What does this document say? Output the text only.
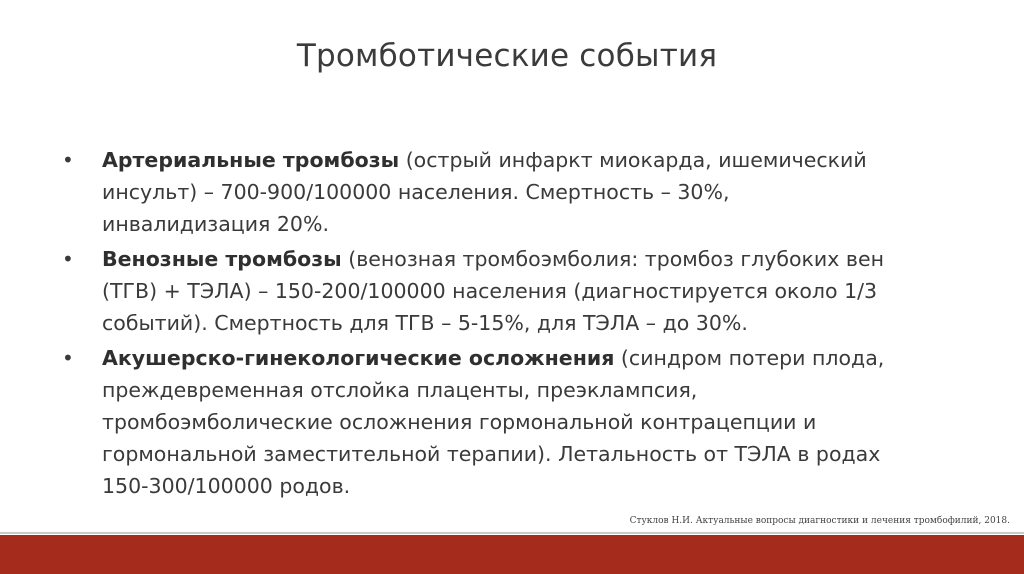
Тромботические события
• Артериальные тромбозы (острый инфаркт миокарда, ишемический
инсульт) – 700-900/100000 населения. Смертность – 30%,
инвалидизация 20%.
• Венозные тромбозы (венозная тромбоэмболия: тромбоз глубоких вен
(ТГВ) + ТЭЛА) – 150-200/100000 населения (диагностируется около 1/3
событий). Смертность для ТГВ – 5-15%, для ТЭЛА – до 30%.
• Акушерско-гинекологические осложнения (синдром потери плода,
преждевременная отслойка плаценты, преэклампсия,
тромбоэмболические осложнения гормональной контрацепции и
гормональной заместительной терапии). Летальность от ТЭЛА в родах
150-300/100000 родов.
Стуклов Н.И. Актуальные вопросы диагностики и лечения тромбофилий, 2018.
